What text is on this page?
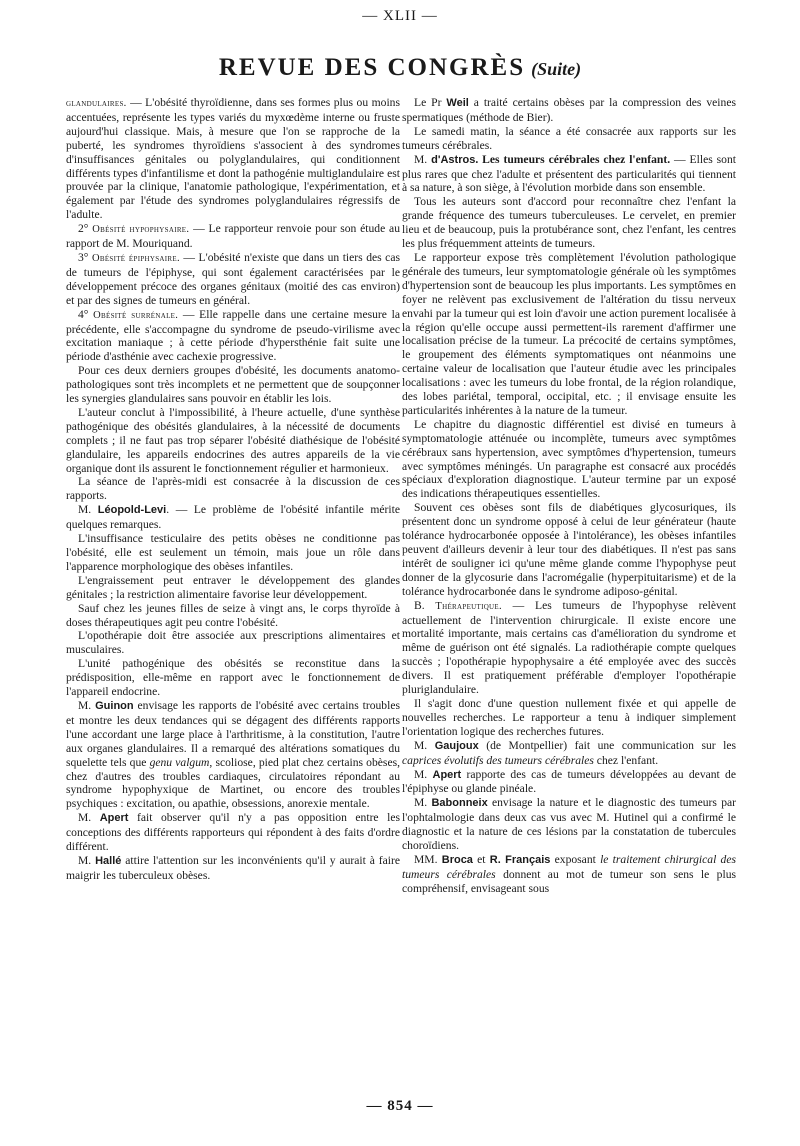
— XLII —
REVUE DES CONGRÈS (Suite)

glandulaires. — L'obésité thyroïdienne, dans ses formes plus ou moins accentuées, représente les types variés du myxœdème interne ou fruste aujourd'hui classique. Mais, à mesure que l'on se rapproche de la puberté, les syndromes thyroïdiens s'associent à des syndromes d'insuffisances génitales ou polyglandulaires, qui conditionnent différents types d'infantilisme et dont la pathogénie multiglandulaire est prouvée par la clinique, l'anatomie pathologique, l'expérimentation, et également par l'étude des syndromes polyglandulaires régressifs de l'adulte.

2° Obésité hypophysaire. — Le rapporteur renvoie pour son étude au rapport de M. Mouriquand.

3° Obésité épiphysaire. — L'obésité n'existe que dans un tiers des cas de tumeurs de l'épiphyse, qui sont également caractérisées par le développement précoce des organes génitaux (moitié des cas environ) et par des signes de tumeurs en général.

4° Obésité surrénale. — Elle rappelle dans une certaine mesure la précédente, elle s'accompagne du syndrome de pseudo-virilisme avec excitation maniaque ; à cette période d'hypersthénie fait suite une période d'asthénie avec cachexie progressive.

Pour ces deux derniers groupes d'obésité, les documents anatomo-pathologiques sont très incomplets et ne permettent que de soupçonner les synergies glandulaires sans pouvoir en établir les lois.

L'auteur conclut à l'impossibilité, à l'heure actuelle, d'une synthèse pathogénique des obésités glandulaires, à la nécessité de documents complets ; il ne faut pas trop séparer l'obésité diathésique de l'obésité glandulaire, les appareils endocrines des autres appareils de la vie organique dont ils assurent le fonctionnement régulier et harmonieux.

La séance de l'après-midi est consacrée à la discussion de ces rapports.

M. Léopold-Levi. — Le problème de l'obésité infantile mérite quelques remarques.

L'insuffisance testiculaire des petits obèses ne conditionne pas l'obésité, elle est seulement un témoin, mais joue un rôle dans l'apparence morphologique des obèses infantiles.

L'engraissement peut entraver le développement des glandes génitales ; la restriction alimentaire favorise leur développement.

Sauf chez les jeunes filles de seize à vingt ans, le corps thyroïde à doses thérapeutiques agit peu contre l'obésité.

L'opothérapie doit être associée aux prescriptions alimentaires et musculaires.

L'unité pathogénique des obésités se reconstitue dans la prédisposition, elle-même en rapport avec le fonctionnement de l'appareil endocrine.

M. Guinon envisage les rapports de l'obésité avec certains troubles et montre les deux tendances qui se dégagent des différents rapports l'une accordant une large place à l'arthritisme, à la constitution, l'autre aux organes glandulaires. Il a remarqué des altérations somatiques du squelette tels que genu valgum, scoliose, pied plat chez certains obèses, chez d'autres des troubles cardiaques, circulatoires répondant au syndrome hypophyxique de Martinet, ou encore des troubles psychiques : excitation, ou apathie, obsessions, anorexie mentale.

M. Apert fait observer qu'il n'y a pas opposition entre les conceptions des différents rapporteurs qui répondent à des faits d'ordre différent.

M. Hallé attire l'attention sur les inconvénients qu'il y aurait à faire maigrir les tuberculeux obèses.

Le Pr Weil a traité certains obèses par la compression des veines spermatiques (méthode de Bier).

Le samedi matin, la séance a été consacrée aux rapports sur les tumeurs cérébrales.

M. d'Astros. Les tumeurs cérébrales chez l'enfant. — Elles sont plus rares que chez l'adulte et présentent des particularités qui tiennent à sa nature, à son siège, à l'évolution morbide dans son ensemble.

Tous les auteurs sont d'accord pour reconnaître chez l'enfant la grande fréquence des tumeurs tuberculeuses. Le cervelet, en premier lieu et de beaucoup, puis la protubérance sont, chez l'enfant, les centres les plus fréquemment atteints de tumeurs.

Le rapporteur expose très complètement l'évolution pathologique générale des tumeurs, leur symptomatologie générale où les symptômes d'hypertension sont de beaucoup les plus importants. Les symptômes en foyer ne relèvent pas exclusivement de l'altération du tissu nerveux envahi par la tumeur qui est loin d'avoir une action purement localisée à la région qu'elle occupe aussi permettent-ils rarement d'affirmer une localisation précise de la tumeur. La précocité de certains symptômes, le groupement des éléments symptomatiques ont néanmoins une certaine valeur de localisation que l'auteur étudie avec les principales localisations : avec les tumeurs du lobe frontal, de la région rolandique, des lobes pariétal, temporal, occipital, etc. ; il envisage ensuite les particularités inhérentes à la nature de la tumeur.

Le chapitre du diagnostic différentiel est divisé en tumeurs à symptomatologie atténuée ou incomplète, tumeurs avec symptômes cérébraux sans hypertension, avec symptômes d'hypertension, tumeurs avec symptômes méningés. Un paragraphe est consacré aux procédés spéciaux d'exploration diagnostique. L'auteur termine par un exposé des indications thérapeutiques essentielles.

Souvent ces obèses sont fils de diabétiques glycosuriques, ils présentent donc un syndrome opposé à celui de leur générateur (haute tolérance hydrocarbonée opposée à l'intolérance), les obèses infantiles peuvent d'ailleurs devenir à leur tour des diabétiques. Il n'est pas sans intérêt de souligner ici qu'une même glande comme l'hypophyse peut donner de la glycosurie dans l'acromégalie (hyperpituitarisme) et de la tolérance hydrocarbonée dans le syndrome adiposo-génital.

B. Thérapeutique. — Les tumeurs de l'hypophyse relèvent actuellement de l'intervention chirurgicale. Il existe encore une mortalité importante, mais certains cas d'amélioration du syndrome et même de guérison ont été signalés. La radiothérapie compte quelques succès ; l'opothérapie hypophysaire a été employée avec des succès divers. Il est pratiquement préférable d'employer l'opothérapie pluriglandulaire.

Il s'agit donc d'une question nullement fixée et qui appelle de nouvelles recherches. Le rapporteur a tenu à indiquer simplement l'orientation logique des recherches futures.

M. Gaujoux (de Montpellier) fait une communication sur les caprices évolutifs des tumeurs cérébrales chez l'enfant.

M. Apert rapporte des cas de tumeurs développées au devant de l'épiphyse ou glande pinéale.

M. Babonneix envisage la nature et le diagnostic des tumeurs par l'ophtalmologie dans deux cas vus avec M. Hutinel qui a confirmé le diagnostic et la nature de ces lésions par la constatation de tubercules choroïdiens.

MM. Broca et R. Français exposant le traitement chirurgical des tumeurs cérébrales donnent au mot de tumeur son sens le plus compréhensif, envisageant sous

— 854 —
